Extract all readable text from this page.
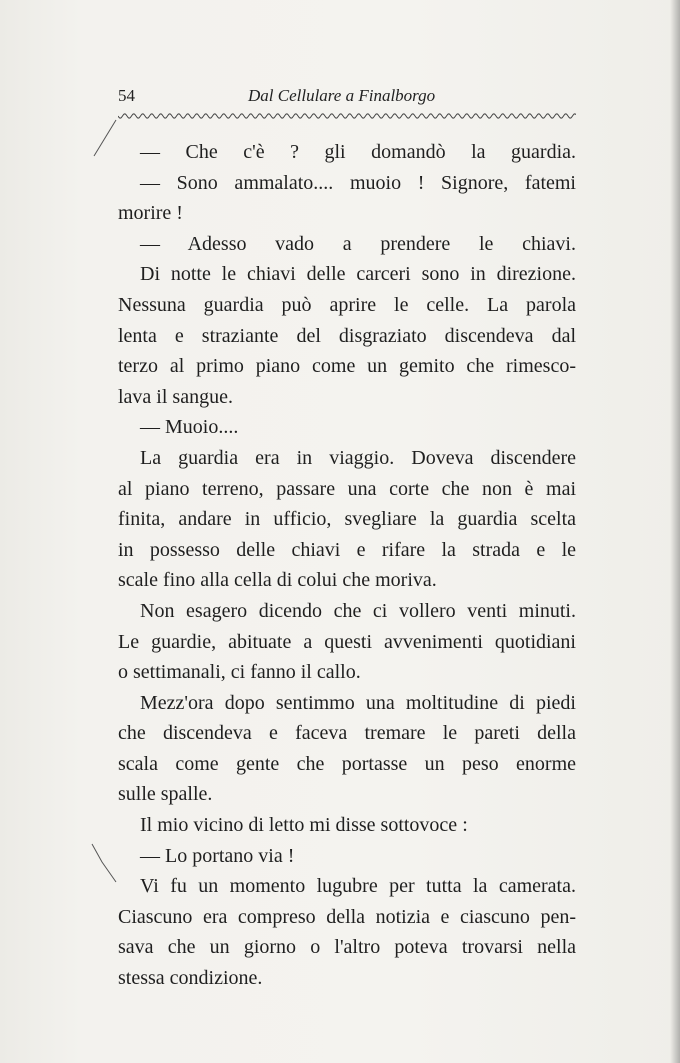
54	Dal Cellulare a Finalborgo
— Che c'è ? gli domandò la guardia.
— Sono ammalato.... muoio ! Signore, fatemi
morire !
— Adesso vado a prendere le chiavi.
Di notte le chiavi delle carceri sono in direzione.
Nessuna guardia può aprire le celle. La parola
lenta e straziante del disgraziato discendeva dal
terzo al primo piano come un gemito che rimesco-
lava il sangue.
— Muoio....
La guardia era in viaggio. Doveva discendere
al piano terreno, passare una corte che non è mai
finita, andare in ufficio, svegliare la guardia scelta
in possesso delle chiavi e rifare la strada e le
scale fino alla cella di colui che moriva.
Non esagero dicendo che ci vollero venti minuti.
Le guardie, abituate a questi avvenimenti quotidiani
o settimanali, ci fanno il callo.
Mezz'ora dopo sentimmo una moltitudine di piedi
che discendeva e faceva tremare le pareti della
scala come gente che portasse un peso enorme
sulle spalle.
Il mio vicino di letto mi disse sottovoce :
— Lo portano via !
Vi fu un momento lugubre per tutta la camerata.
Ciascuno era compreso della notizia e ciascuno pen-
sava che un giorno o l'altro poteva trovarsi nella
stessa condizione.
